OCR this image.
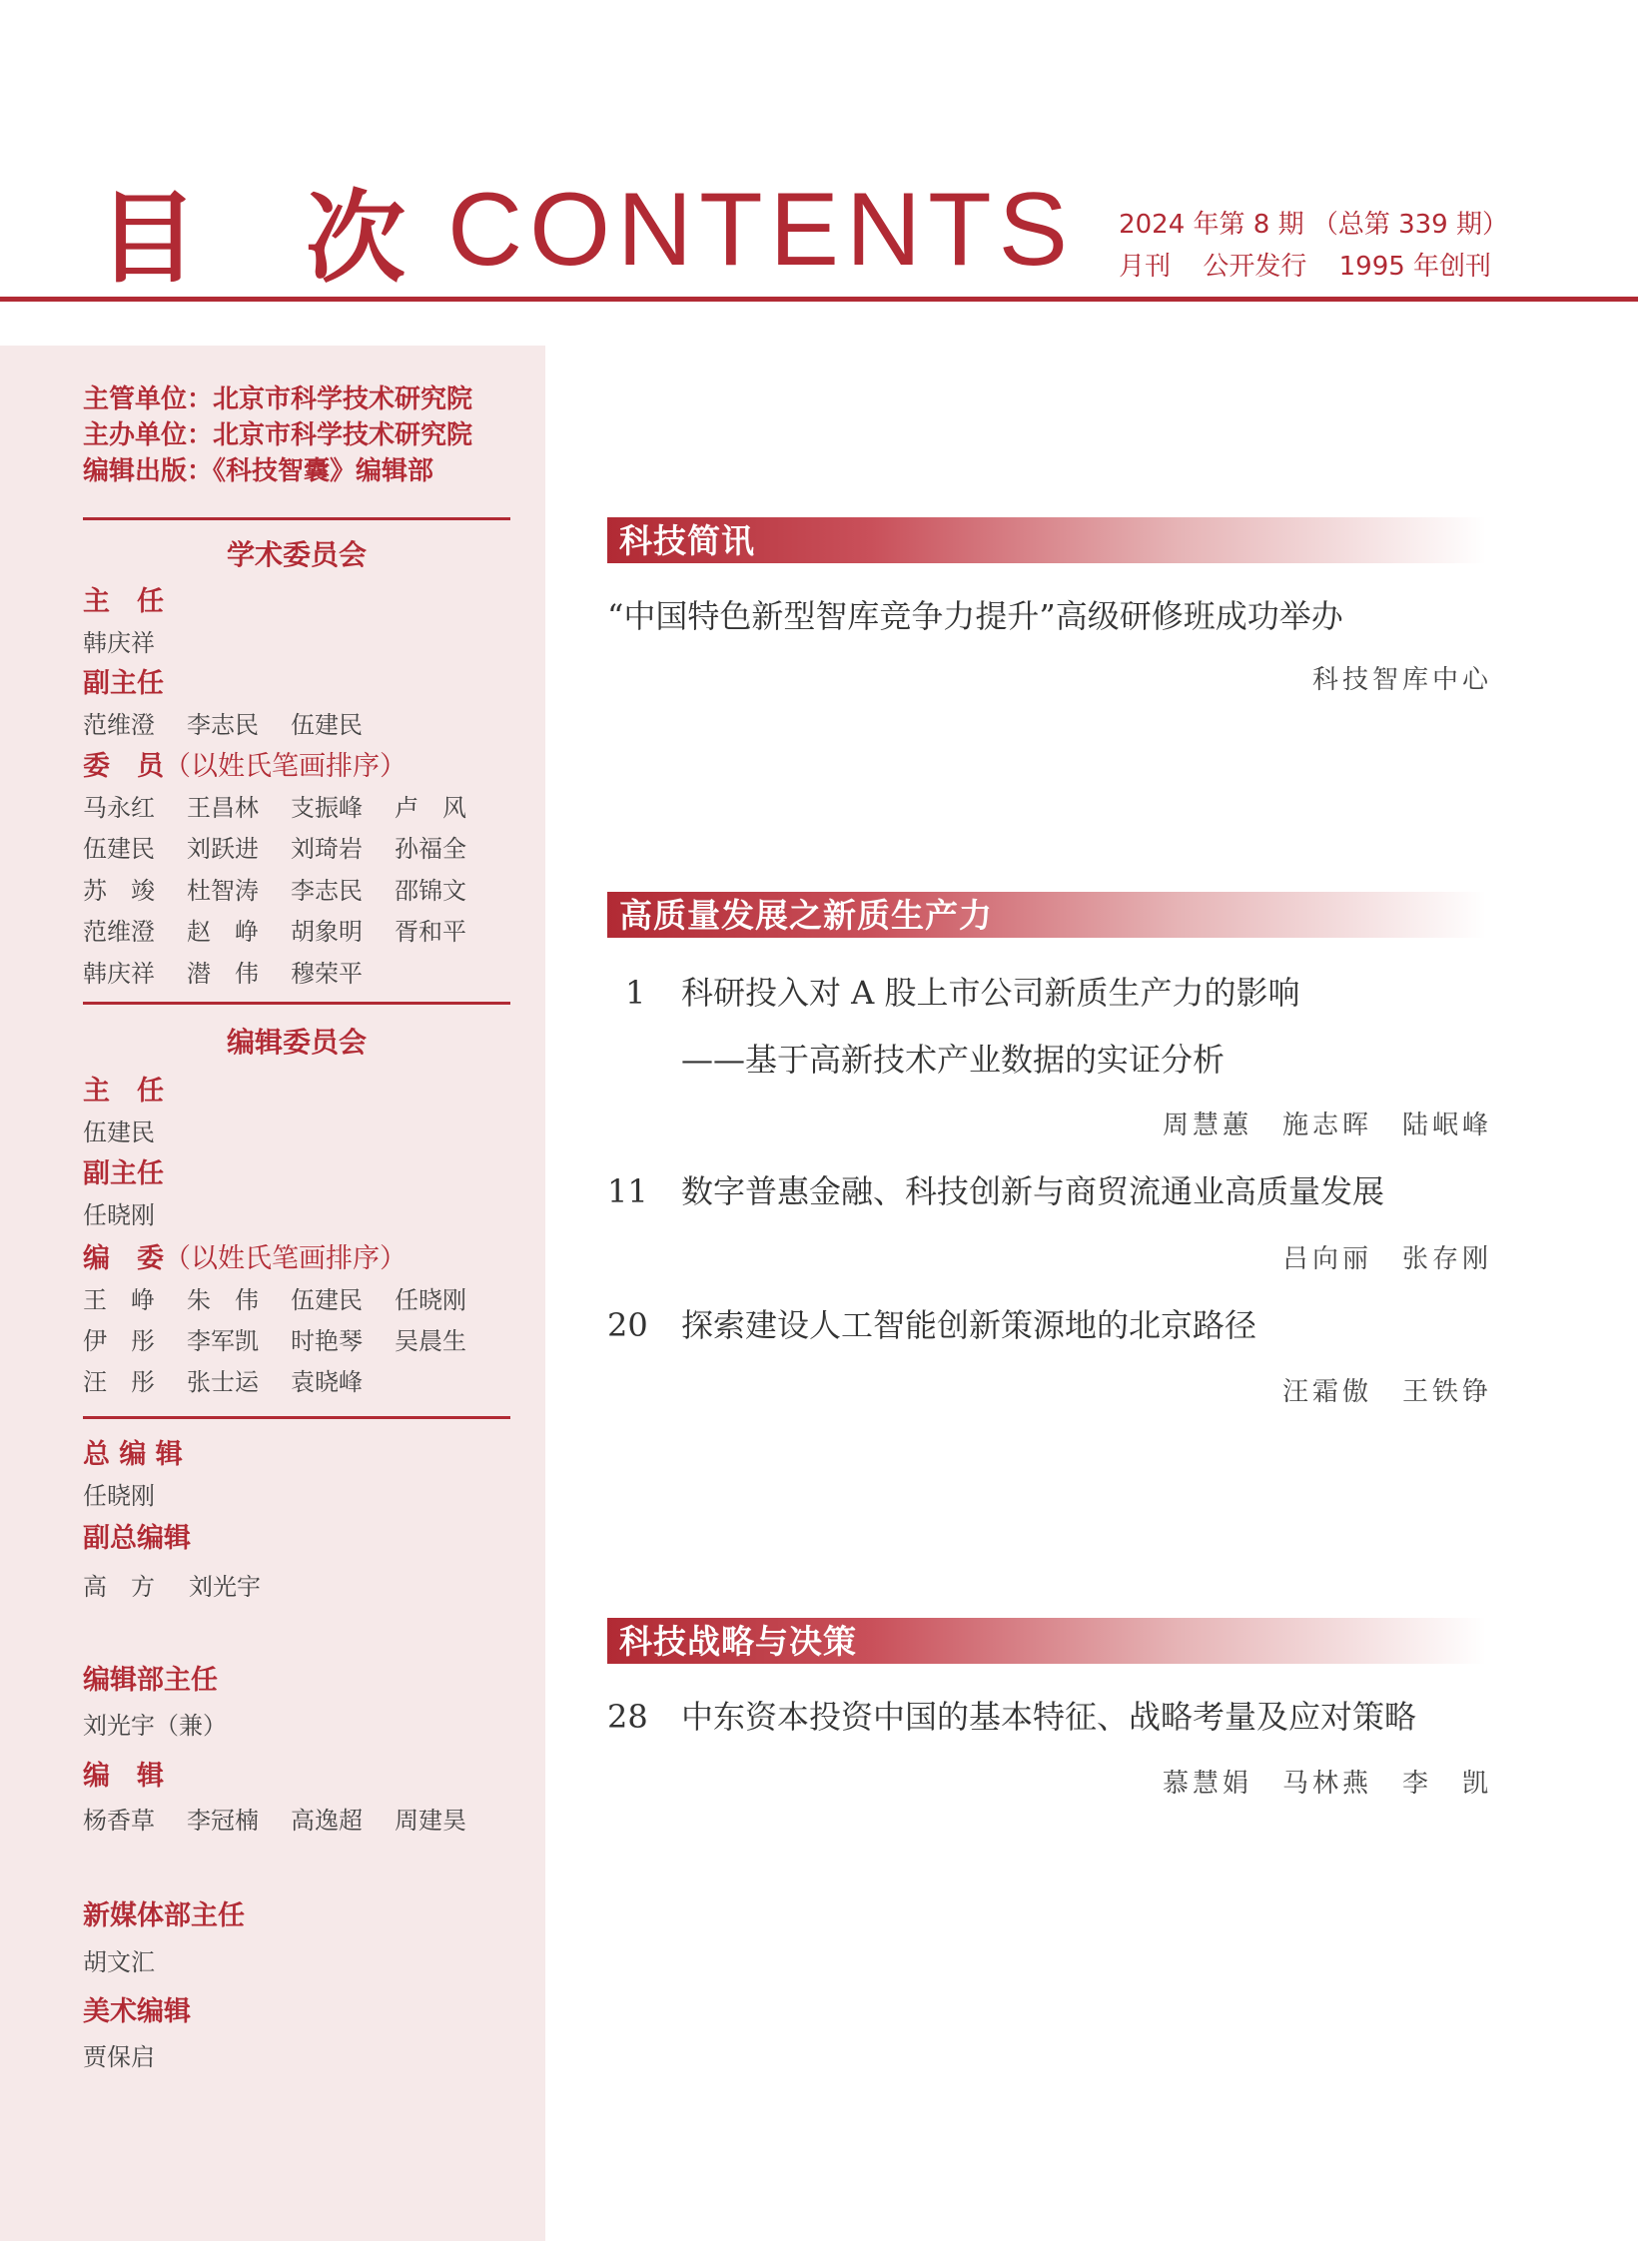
目 次 CONTENTS 2024 年第 8 期 （总第 339 期）
月刊 公开发行 1995 年创刊
主管单位：北京市科学技术研究院
主办单位：北京市科学技术研究院
编辑出版：《科技智囊》编辑部
学术委员会
主　任
韩庆祥
副主任
范维澄	李志民	伍建民
委　员（以姓氏笔画排序）
马永红	王昌林	支振峰	卢　风
伍建民	刘跃进	刘琦岩	孙福全
苏　竣	杜智涛	李志民	邵锦文
范维澄	赵　峥	胡象明	胥和平
韩庆祥	潜　伟	穆荣平
编辑委员会
主　任
伍建民
副主任
任晓刚
编　委（以姓氏笔画排序）
王　峥	朱　伟	伍建民	任晓刚
伊　彤	李军凯	时艳琴	吴晨生
汪　彤	张士运	袁晓峰
总 编 辑
任晓刚
副总编辑
高　方	刘光宇
编辑部主任
刘光宇（兼）
编　辑
杨香草	李冠楠	高逸超	周建昊
新媒体部主任
胡文汇
美术编辑
贾保启
科技简讯
“中国特色新型智库竞争力提升”高级研修班成功举办
科技智库中心
高质量发展之新质生产力
1 科研投入对 A 股上市公司新质生产力的影响
——基于高新技术产业数据的实证分析
周慧蕙　施志晖　陆岷峰
11 数字普惠金融、科技创新与商贸流通业高质量发展
吕向丽　张存刚
20 探索建设人工智能创新策源地的北京路径
汪霜傲　王铁铮
科技战略与决策
28 中东资本投资中国的基本特征、战略考量及应对策略
慕慧娟　马林燕　李　凯
